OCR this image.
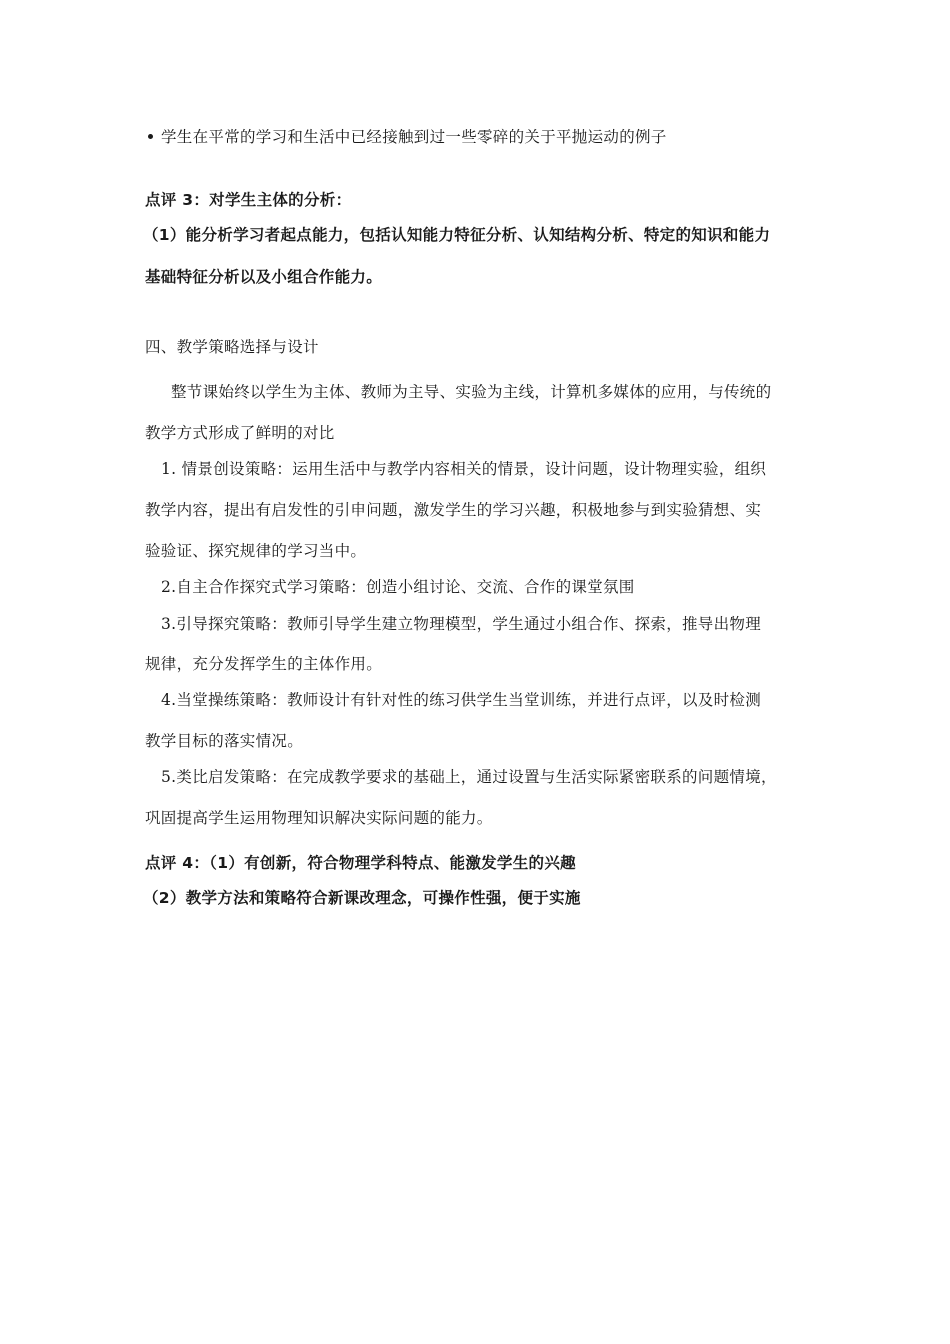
学生在平常的学习和生活中已经接触到过一些零碎的关于平抛运动的例子
点评 3：对学生主体的分析：
（1）能分析学习者起点能力，包括认知能力特征分析、认知结构分析、特定的知识和能力
基础特征分析以及小组合作能力。
四、教学策略选择与设计
整节课始终以学生为主体、教师为主导、实验为主线，计算机多媒体的应用，与传统的
教学方式形成了鲜明的对比
1. 情景创设策略：运用生活中与教学内容相关的情景，设计问题，设计物理实验，组织
教学内容，提出有启发性的引申问题，激发学生的学习兴趣，积极地参与到实验猜想、实
验验证、探究规律的学习当中。
2.自主合作探究式学习策略：创造小组讨论、交流、合作的课堂氛围
3.引导探究策略：教师引导学生建立物理模型，学生通过小组合作、探索，推导出物理
规律，充分发挥学生的主体作用。
4.当堂操练策略：教师设计有针对性的练习供学生当堂训练，并进行点评，以及时检测
教学目标的落实情况。
5.类比启发策略：在完成教学要求的基础上，通过设置与生活实际紧密联系的问题情境，
巩固提高学生运用物理知识解决实际问题的能力。
点评 4：（1）有创新，符合物理学科特点、能激发学生的兴趣
（2）教学方法和策略符合新课改理念，可操作性强，便于实施
